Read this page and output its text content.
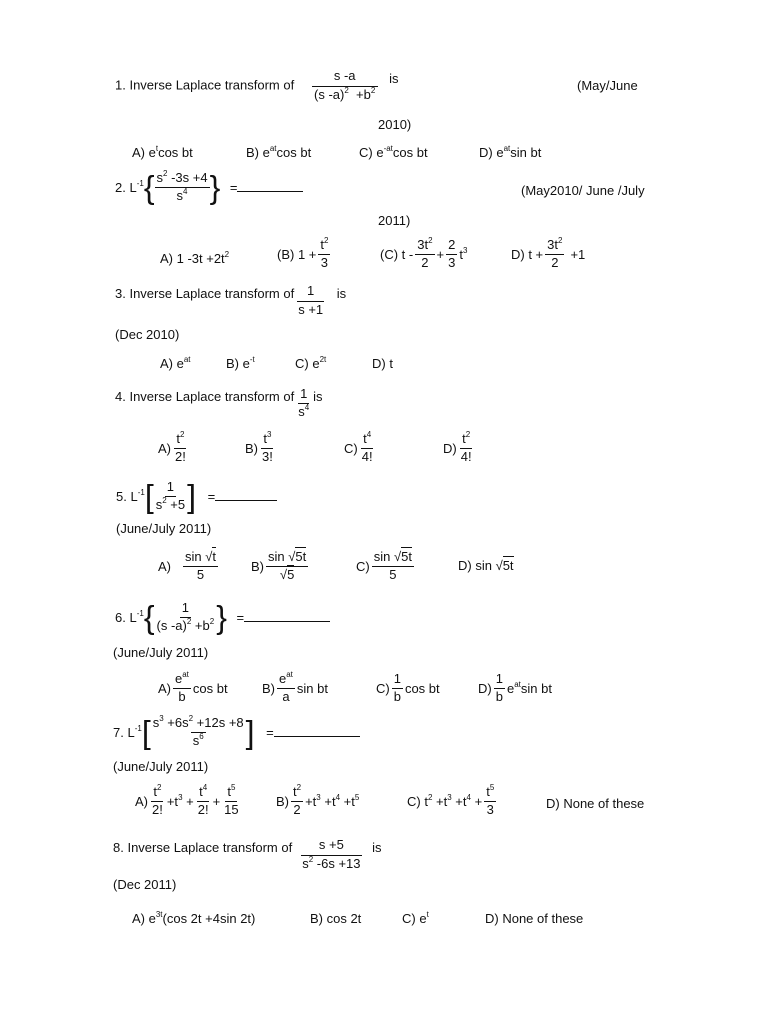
1. Inverse Laplace transform of $\frac{s -a}{(s -a)^2 +b^2}$ is	(May/June
2010)
A) $e^t\cos$ bt	B) $e^{at}\cos$ bt	C) $e^{-at}\cos$ bt	D) $e^{at}\sin$ bt
2. $L^{-1}\{ \frac{s^2 -3s +4}{s^4}$ } =	(May2010/ June /July
2011)
A) 1 $-3t +2t^2$	(B) $1 + \frac{t^2}{3}$	(C) $t - \frac{3t^2}{2} + \frac{2}{3} t^3$	D) $t + \frac{3t^2}{2} +1$
3. Inverse Laplace transform of $\frac{1}{s +1}$ is
(Dec 2010)
A) $e^{at}$	B) $e^{-t}$	C) $e^{2t}$	D) t
4. Inverse Laplace transform of $\frac{1}{s^4}$ is
$A) \frac{t^2}{2!}$	$B) \frac{t^3}{3!}$	$C) \frac{t^4}{4!}$	$D) \frac{t^2}{4!}$
5. $L^{-1}[ \frac{1}{s^2 +5}$ ] =
(June/July 2011)
$A) \frac{\sin √t}{5}$	$B) \frac{\sin √5t}{√5}$	$C) \frac{\sin √5t}{5}$	D) sin √5t
6. $L^{-1}\{ \frac{1}{(s -a)^2 +b^2}$ } =
(June/July 2011)
$A) \frac{e^{at}}{b}$ cos bt	$B) \frac{e^{at}}{a}$ sin bt	$C) \frac{1}{b}$ cos bt	$D) \frac{1}{b} e^{at}\sin$ bt
7. $L^{-1}[ \frac{s^3 +6s^2 +12s +8}{s^6}$ ] =
(June/July 2011)
$A) \frac{t^2}{2!} +t^3 + \frac{t^4}{2!} + \frac{t^5}{15}$	$B) \frac{t^2}{2} +t^3 +t^4 +t^5$	C) $t^2 +t^3 +t^4 + \frac{t^5}{3}$	D) None of these
8. Inverse Laplace transform of $\frac{s +5}{s^2 -6s +13}$ is
(Dec 2011)
A) $e^{3t}(\cos$ 2t +4sin 2t)	B) cos 2t	C) $e^t$	D) None of these
